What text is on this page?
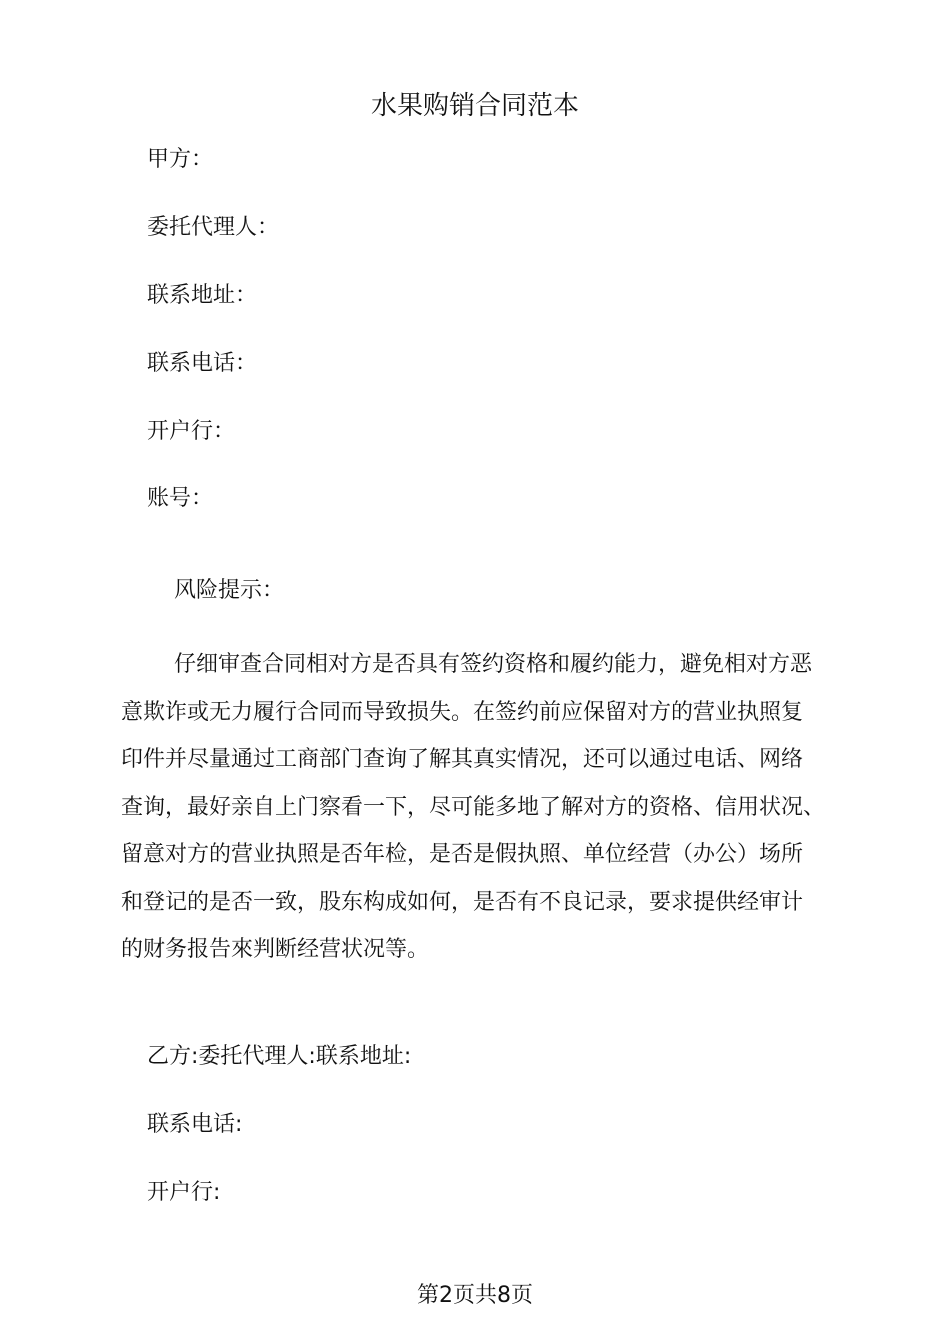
水果购销合同范本
甲方：
委托代理人：
联系地址：
联系电话：
开户行：
账号：
风险提示：
仔细审查合同相对方是否具有签约资格和履约能力，避免相对方恶
意欺诈或无力履行合同而导致损失。在签约前应保留对方的营业执照复
印件并尽量通过工商部门查询了解其真实情况，还可以通过电话、网络
查询，最好亲自上门察看一下，尽可能多地了解对方的资格、信用状况、
留意对方的营业执照是否年检，是否是假执照、单位经营（办公）场所
和登记的是否一致，股东构成如何，是否有不良记录，要求提供经审计
的财务报告來判断经营状况等。
乙方:委托代理人:联系地址:
联系电话:
开户行:
第2页共8页
